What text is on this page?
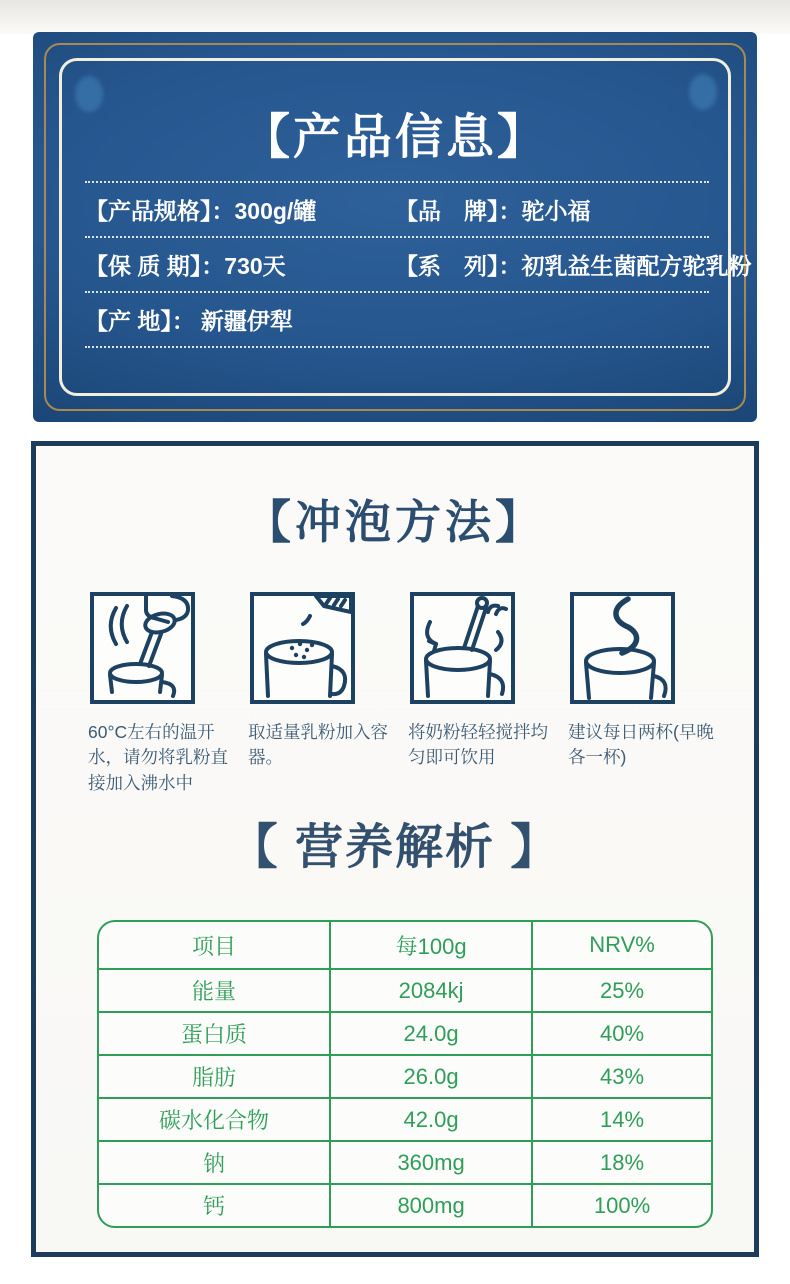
【产品信息】
【产品规格】： 300g/罐	【品　牌】：驼小福
【保 质 期】： 730天	【系　列】：初乳益生菌配方驼乳粉
【产 地】： 新疆伊犁
【冲泡方法】
60°C左右的温开水，请勿将乳粉直接加入沸水中
取适量乳粉加入容器。
将奶粉轻轻搅拌均匀即可饮用
建议每日两杯(早晚各一杯)
【 营养解析 】
项目	每100g	NRV%
能量	2084kj	25%
蛋白质	24.0g	40%
脂肪	26.0g	43%
碳水化合物	42.0g	14%
钠	360mg	18%
钙	800mg	100%
